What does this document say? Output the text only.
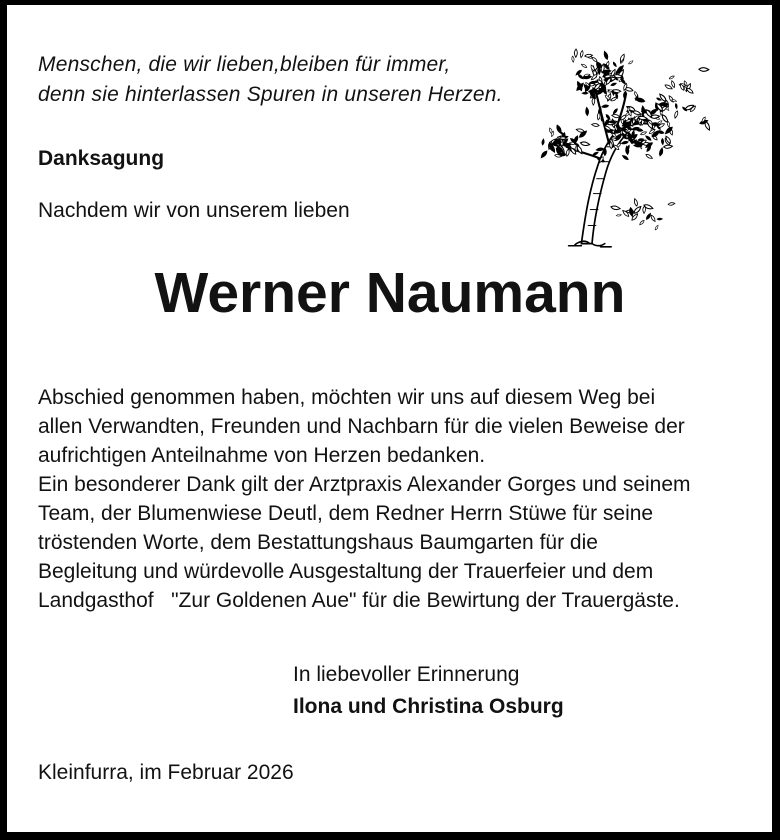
Menschen, die wir lieben,bleiben für immer,
denn sie hinterlassen Spuren in unseren Herzen.
Danksagung
Nachdem wir von unserem lieben
Werner Naumann
Abschied genommen haben, möchten wir uns auf diesem Weg bei
allen Verwandten, Freunden und Nachbarn für die vielen Beweise der
aufrichtigen Anteilnahme von Herzen bedanken.
Ein besonderer Dank gilt der Arztpraxis Alexander Gorges und seinem
Team, der Blumenwiese Deutl, dem Redner Herrn Stüwe für seine
tröstenden Worte, dem Bestattungshaus Baumgarten für die
Begleitung und würdevolle Ausgestaltung der Trauerfeier und dem
Landgasthof   "Zur Goldenen Aue" für die Bewirtung der Trauergäste.
In liebevoller Erinnerung
Ilona und Christina Osburg
Kleinfurra, im Februar 2026
